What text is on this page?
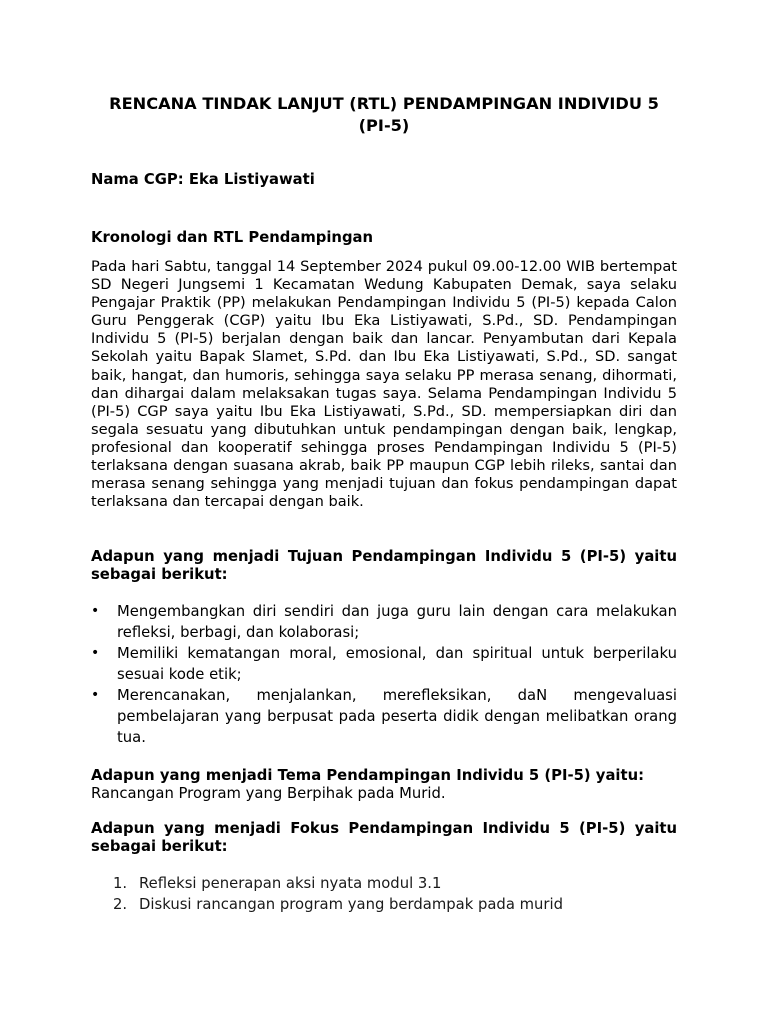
RENCANA TINDAK LANJUT (RTL) PENDAMPINGAN INDIVIDU 5 (PI-5)

Nama CGP: Eka Listiyawati

Kronologi dan RTL Pendampingan

Pada hari Sabtu, tanggal 14 September 2024 pukul 09.00-12.00 WIB bertempat SD Negeri Jungsemi 1 Kecamatan Wedung Kabupaten Demak, saya selaku Pengajar Praktik (PP) melakukan Pendampingan Individu 5 (PI-5) kepada Calon Guru Penggerak (CGP) yaitu Ibu Eka Listiyawati, S.Pd., SD. Pendampingan Individu 5 (PI-5) berjalan dengan baik dan lancar. Penyambutan dari Kepala Sekolah yaitu Bapak Slamet, S.Pd. dan Ibu Eka Listiyawati, S.Pd., SD. sangat baik, hangat, dan humoris, sehingga saya selaku PP merasa senang, dihormati, dan dihargai dalam melaksakan tugas saya. Selama Pendampingan Individu 5 (PI-5) CGP saya yaitu Ibu Eka Listiyawati, S.Pd., SD. mempersiapkan diri dan segala sesuatu yang dibutuhkan untuk pendampingan dengan baik, lengkap, profesional dan kooperatif sehingga proses Pendampingan Individu 5 (PI-5) terlaksana dengan suasana akrab, baik PP maupun CGP lebih rileks, santai dan merasa senang sehingga yang menjadi tujuan dan fokus pendampingan dapat terlaksana dan tercapai dengan baik.

Adapun yang menjadi Tujuan Pendampingan Individu 5 (PI-5) yaitu sebagai berikut:
• Mengembangkan diri sendiri dan juga guru lain dengan cara melakukan refleksi, berbagi, dan kolaborasi;
• Memiliki kematangan moral, emosional, dan spiritual untuk berperilaku sesuai kode etik;
• Merencanakan, menjalankan, merefleksikan, daN mengevaluasi pembelajaran yang berpusat pada peserta didik dengan melibatkan orang tua.
Adapun yang menjadi Tema Pendampingan Individu 5 (PI-5) yaitu:
Rancangan Program yang Berpihak pada Murid.
Adapun yang menjadi Fokus Pendampingan Individu 5 (PI-5) yaitu sebagai berikut:
1. Refleksi penerapan aksi nyata modul 3.1
2. Diskusi rancangan program yang berdampak pada murid
